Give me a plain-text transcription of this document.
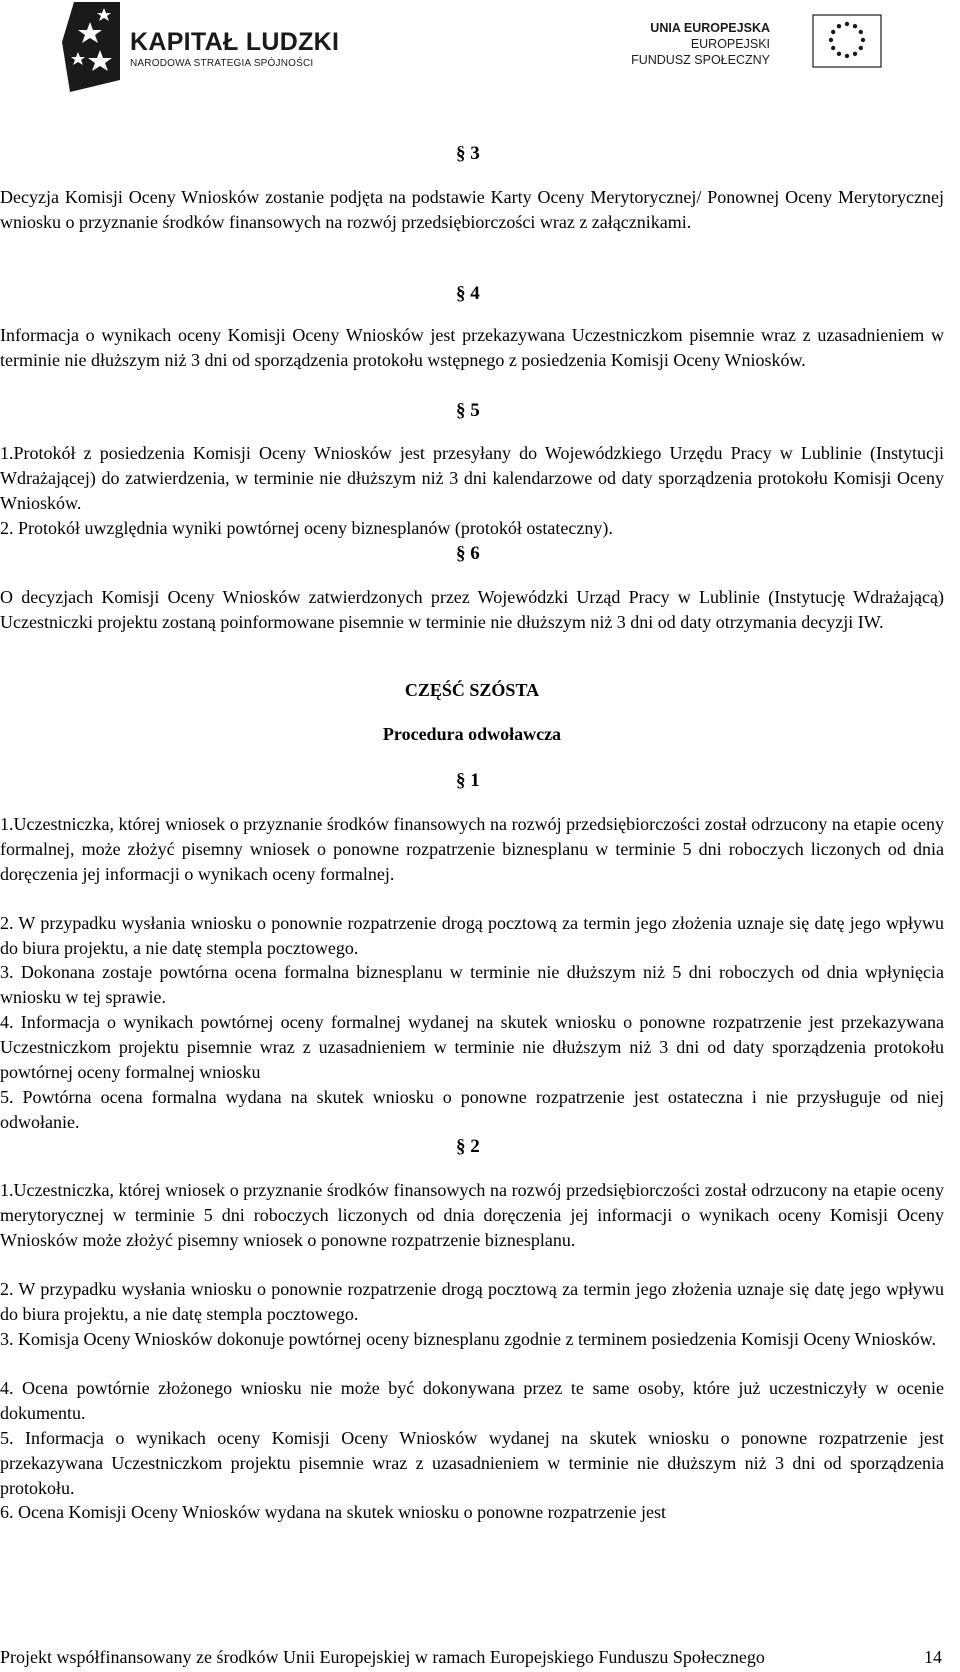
KAPITAŁ LUDZKI
NARODOWA STRATEGIA SPÓJNOŚCI
UNIA EUROPEJSKA
EUROPEJSKI
FUNDUSZ SPOŁECZNY
§ 3
Decyzja Komisji Oceny Wniosków zostanie podjęta na podstawie Karty Oceny Merytorycznej/ Ponownej Oceny Merytorycznej wniosku o przyznanie środków finansowych na rozwój przedsiębiorczości wraz z załącznikami.
§ 4
Informacja o wynikach oceny Komisji Oceny Wniosków jest przekazywana Uczestniczkom pisemnie wraz z uzasadnieniem w terminie nie dłuższym niż 3 dni od sporządzenia protokołu wstępnego z posiedzenia Komisji Oceny Wniosków.
§ 5
1.Protokół z posiedzenia Komisji Oceny Wniosków jest przesyłany do Wojewódzkiego Urzędu Pracy w Lublinie (Instytucji Wdrażającej) do zatwierdzenia, w terminie nie dłuższym niż 3 dni kalendarzowe od daty sporządzenia protokołu Komisji Oceny Wniosków.
2. Protokół uwzględnia wyniki powtórnej oceny biznesplanów (protokół ostateczny).
§ 6
O decyzjach Komisji Oceny Wniosków zatwierdzonych przez Wojewódzki Urząd Pracy w Lublinie (Instytucję Wdrażającą) Uczestniczki projektu zostaną poinformowane pisemnie w terminie nie dłuższym niż 3 dni od daty otrzymania decyzji IW.
CZĘŚĆ SZÓSTA
Procedura odwoławcza
§ 1
1.Uczestniczka, której wniosek o przyznanie środków finansowych na rozwój przedsiębiorczości został odrzucony na etapie oceny formalnej, może złożyć pisemny wniosek o ponowne rozpatrzenie biznesplanu w terminie 5 dni roboczych liczonych od dnia doręczenia jej informacji o wynikach oceny formalnej.
2. W przypadku wysłania wniosku o ponownie rozpatrzenie drogą pocztową za termin jego złożenia uznaje się datę jego wpływu do biura projektu, a nie datę stempla pocztowego.
3. Dokonana zostaje powtórna ocena formalna biznesplanu w terminie nie dłuższym niż 5 dni roboczych od dnia wpłynięcia wniosku w tej sprawie.
4. Informacja o wynikach powtórnej oceny formalnej wydanej na skutek wniosku o ponowne rozpatrzenie jest przekazywana Uczestniczkom projektu pisemnie wraz z uzasadnieniem w terminie nie dłuższym niż 3 dni od daty sporządzenia protokołu powtórnej oceny formalnej wniosku
5. Powtórna ocena formalna wydana na skutek wniosku o ponowne rozpatrzenie jest ostateczna i nie przysługuje od niej odwołanie.
§ 2
1.Uczestniczka, której wniosek o przyznanie środków finansowych na rozwój przedsiębiorczości został odrzucony na etapie oceny merytorycznej w terminie 5 dni roboczych liczonych od dnia doręczenia jej informacji o wynikach oceny Komisji Oceny Wniosków może złożyć pisemny wniosek o ponowne rozpatrzenie biznesplanu.
2. W przypadku wysłania wniosku o ponownie rozpatrzenie drogą pocztową za termin jego złożenia uznaje się datę jego wpływu do biura projektu, a nie datę stempla pocztowego.
3. Komisja Oceny Wniosków dokonuje powtórnej oceny biznesplanu zgodnie z terminem posiedzenia Komisji Oceny Wniosków.
4. Ocena powtórnie złożonego wniosku nie może być dokonywana przez te same osoby, które już uczestniczyły w ocenie dokumentu.
5. Informacja o wynikach oceny Komisji Oceny Wniosków wydanej na skutek wniosku o ponowne rozpatrzenie jest przekazywana Uczestniczkom projektu pisemnie wraz z uzasadnieniem w terminie nie dłuższym niż 3 dni od sporządzenia protokołu.
6. Ocena Komisji Oceny Wniosków wydana na skutek wniosku o ponowne rozpatrzenie jest
Projekt współfinansowany ze środków Unii Europejskiej w ramach Europejskiego Funduszu Społecznego	14
